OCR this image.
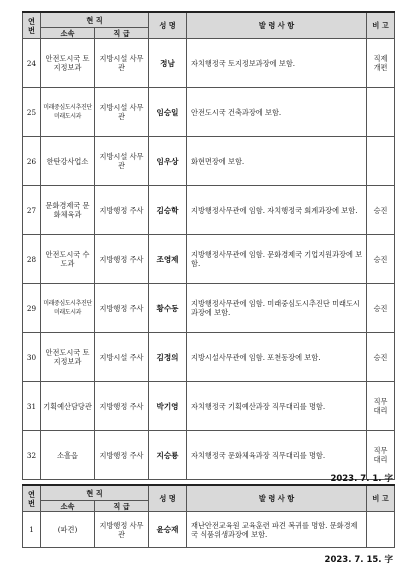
연번	현 직		성 명	발 령 사 항	비 고
	소속	직 급			
24	안전도시국 토지정보과	지방시설 사무관	정남	자치행정국 토지정보과장에 보함.	직제 개편
25	미래중심도시추진단 미래도시과	지방시설 사무관	임승일	안전도시국 건축과장에 보함.	
26	한탄강사업소	지방시설 사무관	임우상	화현면장에 보함.	
27	문화경제국 문화체육과	지방행정 주사	김승학	지방행정사무관에 임함. 자치행정국 회계과장에 보함.	승진
28	안전도시국 수도과	지방행정 주사	조영제	지방행정사무관에 임함. 문화경제국 기업지원과장에 보함.	승진
29	미래중심도시추진단 미래도시과	지방행정 주사	황수동	지방행정사무관에 임함. 미래중심도시추진단 미래도시과장에 보함.	승진
30	안전도시국 토지정보과	지방시설 주사	김정의	지방시설사무관에 임함. 포천동장에 보함.	승진
31	기획예산담당관	지방행정 주사	박기영	자치행정국 기획예산과장 직무대리를 명함.	직무 대리
32	소흘읍	지방행정 주사	지승룡	자치행정국 문화체육과장 직무대리를 명함.	직무 대리
2023. 7. 1. 字
연번	현 직		성 명	발 령 사 항	비 고
	소속	직 급			
1	(파견)	지방행정 사무관	윤승재	재난안전교육원 교육훈련 파견 복귀를 명함. 문화경제국 식품위생과장에 보함.	
2023. 7. 15. 字
